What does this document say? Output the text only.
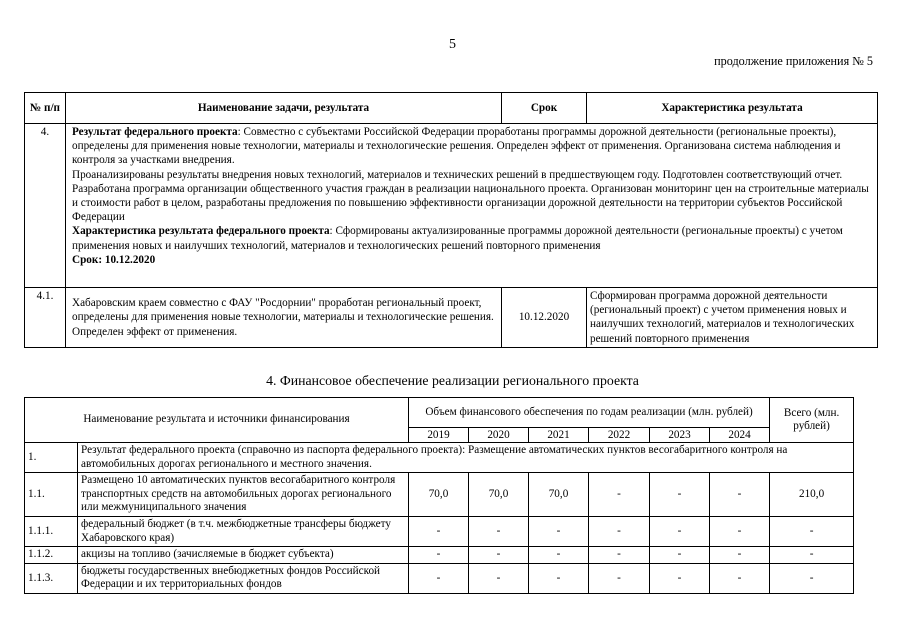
5
продолжение приложения № 5
№ п/п	Наименование задачи, результата	Срок	Характеристика результата
4.	Результат федерального проекта: Совместно с субъектами Российской Федерации проработаны программы дорожной деятельности (региональные проекты), определены для применения новые технологии, материалы и технологические решения. Определен эффект от применения. Организована система наблюдения и контроля за участками внедрения.

Проанализированы результаты внедрения новых технологий, материалов и технических решений в предшествующем году. Подготовлен соответствующий отчет.

Разработана программа организации общественного участия граждан в реализации национального проекта. Организован мониторинг цен на строительные материалы и стоимости работ в целом, разработаны предложения по повышению эффективности организации дорожной деятельности на территории субъектов Российской Федерации

Характеристика результата федерального проекта: Сформированы актуализированные программы дорожной деятельности (региональные проекты) с учетом применения новых и наилучших технологий, материалов и технологических решений повторного применения

Срок: 10.12.2020		

4.1.	Хабаровским краем совместно с ФАУ "Росдорнии" проработан региональный проект, определены для применения новые технологии, материалы и технологические решения. Определен эффект от применения.	10.12.2020	Сформирован программа дорожной деятельности (региональный проект) с учетом применения новых и наилучших технологий, материалов и технологических решений повторного применения
4. Финансовое обеспечение реализации регионального проекта
Наименование результата и источники финансирования		Объем финансового обеспечения по годам реализации (млн. рублей)						Всего (млн. рублей)
		2019	2020	2021	2022	2023	2024	
1.	Результат федерального проекта (справочно из паспорта федерального проекта): Размещение автоматических пунктов весогабаритного контроля на автомобильных дорогах регионального и местного значения.							
1.1.	Размещено 10 автоматических пунктов весогабаритного контроля транспортных средств на автомобильных дорогах регионального или межмуниципального значения	70,0	70,0	70,0	-	-	-	210,0
1.1.1.	федеральный бюджет (в т.ч. межбюджетные трансферы бюджету Хабаровского края)	-	-	-	-	-	-	-
1.1.2.	акцизы на топливо (зачисляемые в бюджет субъекта)	-	-	-	-	-	-	-
1.1.3.	бюджеты государственных внебюджетных фондов Российской Федерации и их территориальных фондов	-	-	-	-	-	-	-
